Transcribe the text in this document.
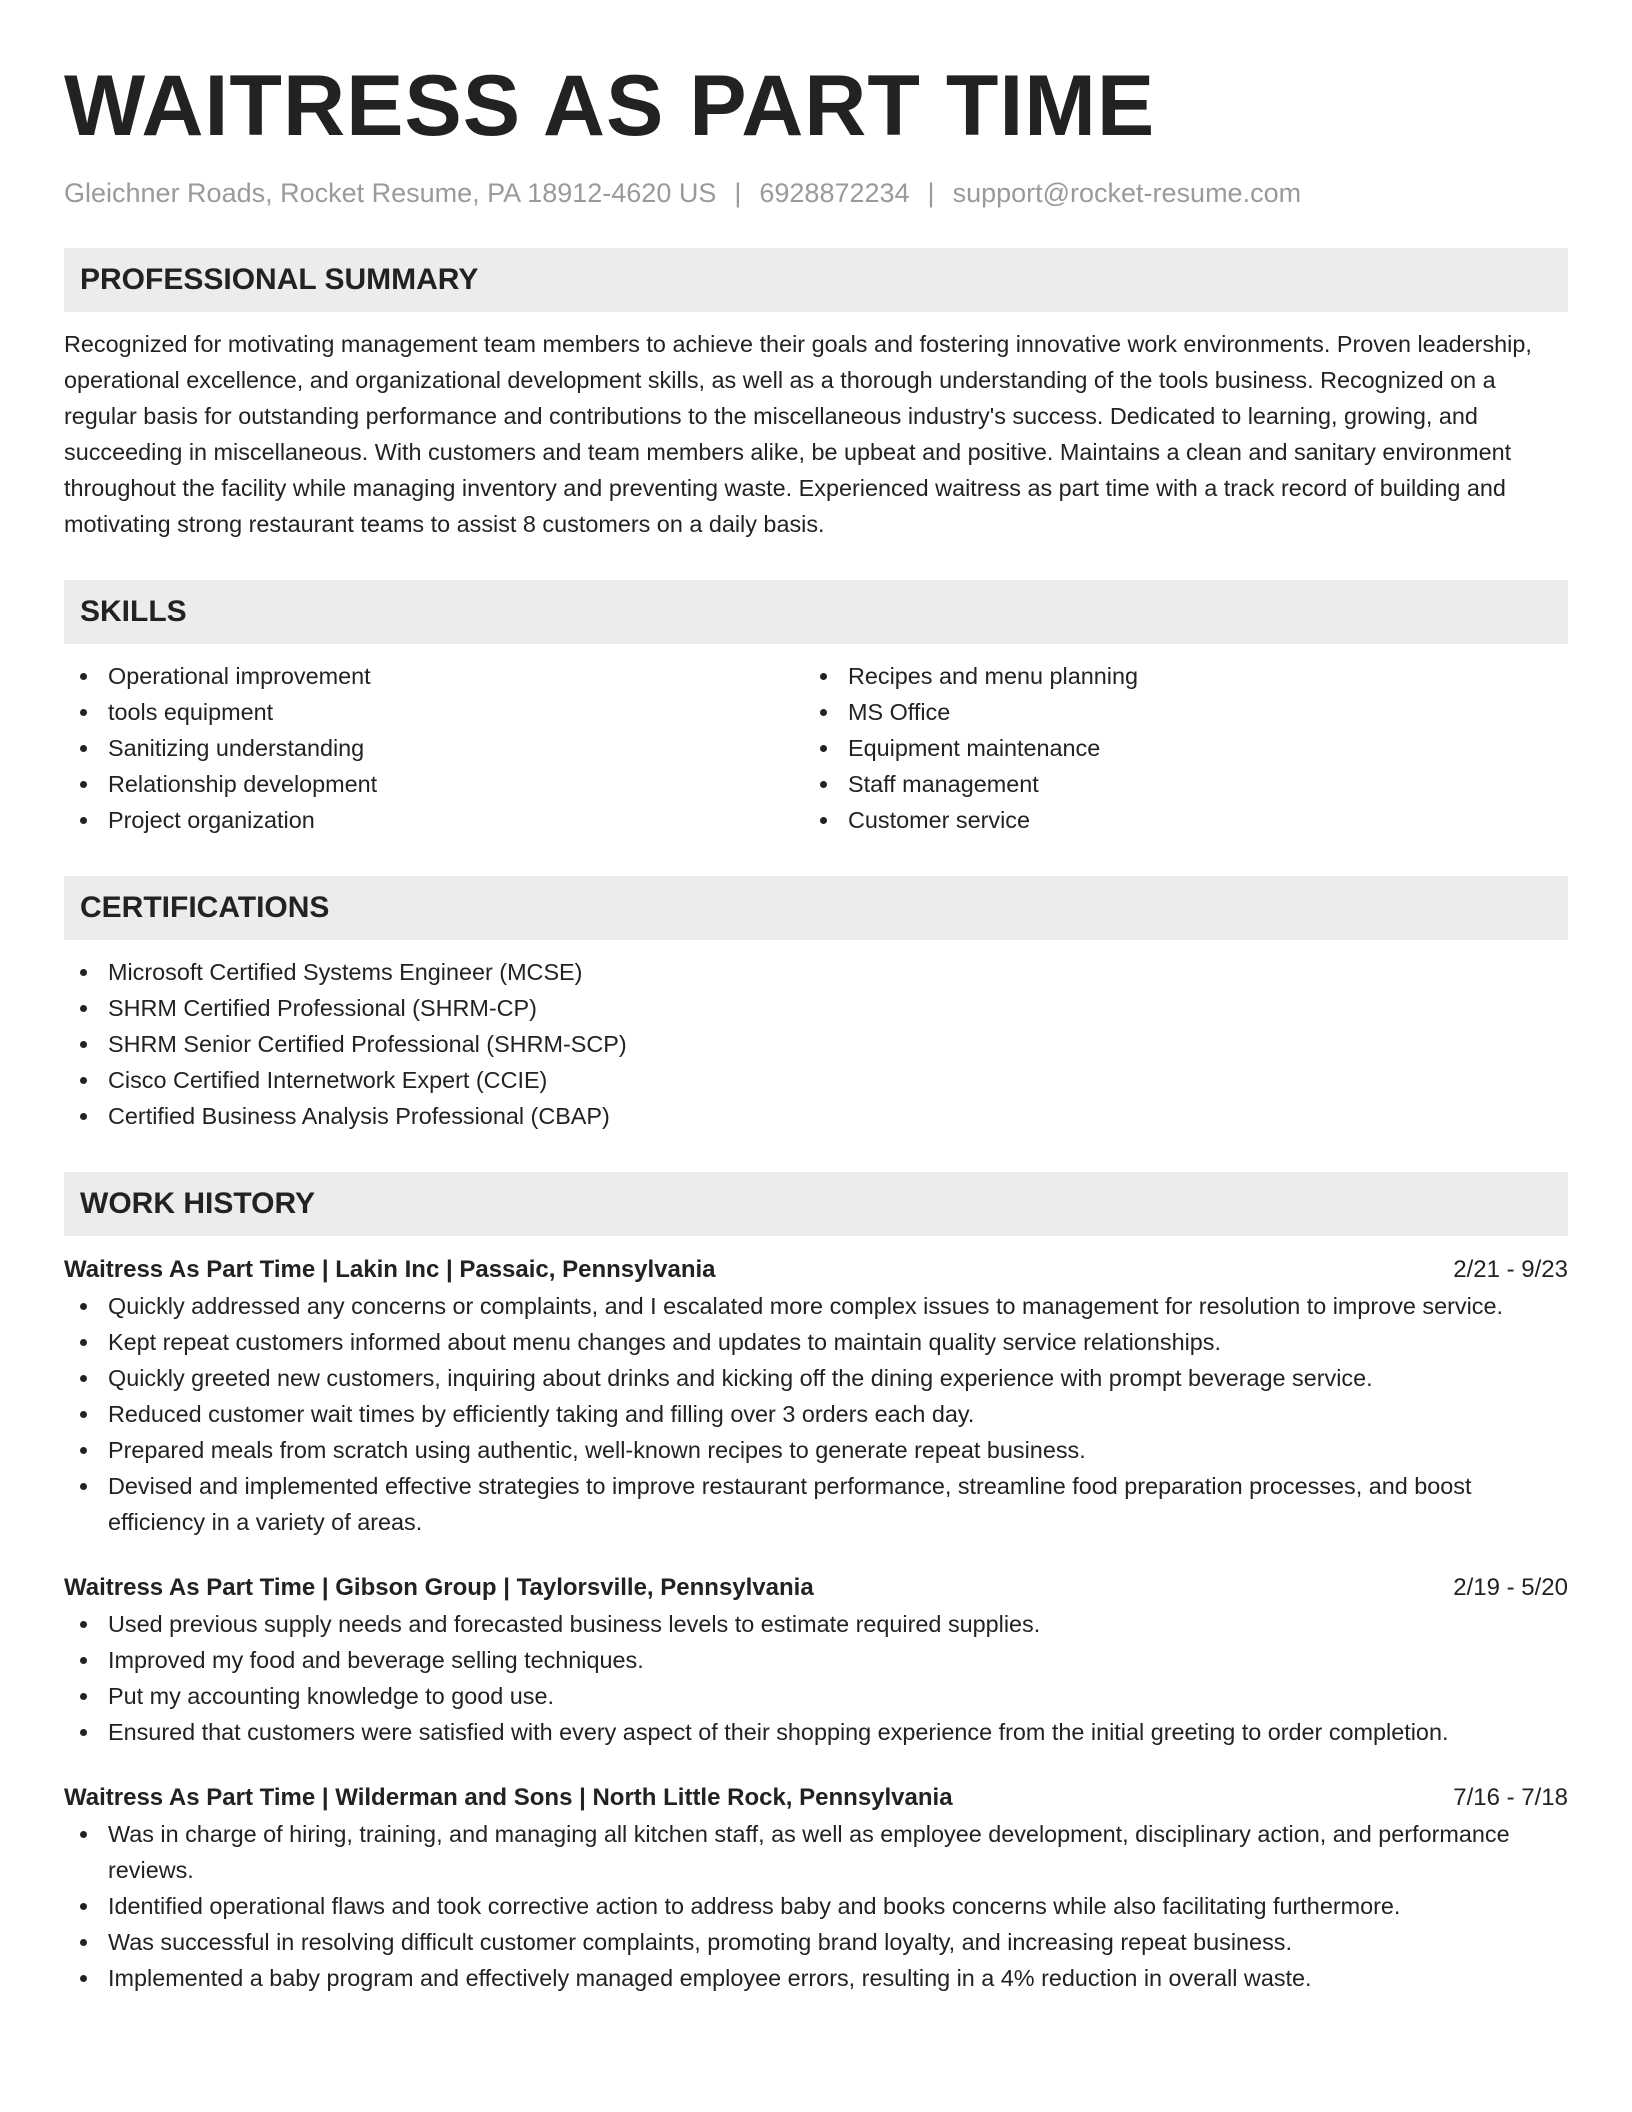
WAITRESS AS PART TIME
Gleichner Roads, Rocket Resume, PA 18912-4620 US | 6928872234 | support@rocket-resume.com
PROFESSIONAL SUMMARY
Recognized for motivating management team members to achieve their goals and fostering innovative work environments. Proven leadership, operational excellence, and organizational development skills, as well as a thorough understanding of the tools business. Recognized on a regular basis for outstanding performance and contributions to the miscellaneous industry's success. Dedicated to learning, growing, and succeeding in miscellaneous. With customers and team members alike, be upbeat and positive. Maintains a clean and sanitary environment throughout the facility while managing inventory and preventing waste. Experienced waitress as part time with a track record of building and motivating strong restaurant teams to assist 8 customers on a daily basis.
SKILLS
Operational improvement
tools equipment
Sanitizing understanding
Relationship development
Project organization
Recipes and menu planning
MS Office
Equipment maintenance
Staff management
Customer service
CERTIFICATIONS
Microsoft Certified Systems Engineer (MCSE)
SHRM Certified Professional (SHRM-CP)
SHRM Senior Certified Professional (SHRM-SCP)
Cisco Certified Internetwork Expert (CCIE)
Certified Business Analysis Professional (CBAP)
WORK HISTORY
Waitress As Part Time | Lakin Inc | Passaic, Pennsylvania	2/21 - 9/23
Quickly addressed any concerns or complaints, and I escalated more complex issues to management for resolution to improve service.
Kept repeat customers informed about menu changes and updates to maintain quality service relationships.
Quickly greeted new customers, inquiring about drinks and kicking off the dining experience with prompt beverage service.
Reduced customer wait times by efficiently taking and filling over 3 orders each day.
Prepared meals from scratch using authentic, well-known recipes to generate repeat business.
Devised and implemented effective strategies to improve restaurant performance, streamline food preparation processes, and boost efficiency in a variety of areas.
Waitress As Part Time | Gibson Group | Taylorsville, Pennsylvania	2/19 - 5/20
Used previous supply needs and forecasted business levels to estimate required supplies.
Improved my food and beverage selling techniques.
Put my accounting knowledge to good use.
Ensured that customers were satisfied with every aspect of their shopping experience from the initial greeting to order completion.
Waitress As Part Time | Wilderman and Sons | North Little Rock, Pennsylvania	7/16 - 7/18
Was in charge of hiring, training, and managing all kitchen staff, as well as employee development, disciplinary action, and performance reviews.
Identified operational flaws and took corrective action to address baby and books concerns while also facilitating furthermore.
Was successful in resolving difficult customer complaints, promoting brand loyalty, and increasing repeat business.
Implemented a baby program and effectively managed employee errors, resulting in a 4% reduction in overall waste.
